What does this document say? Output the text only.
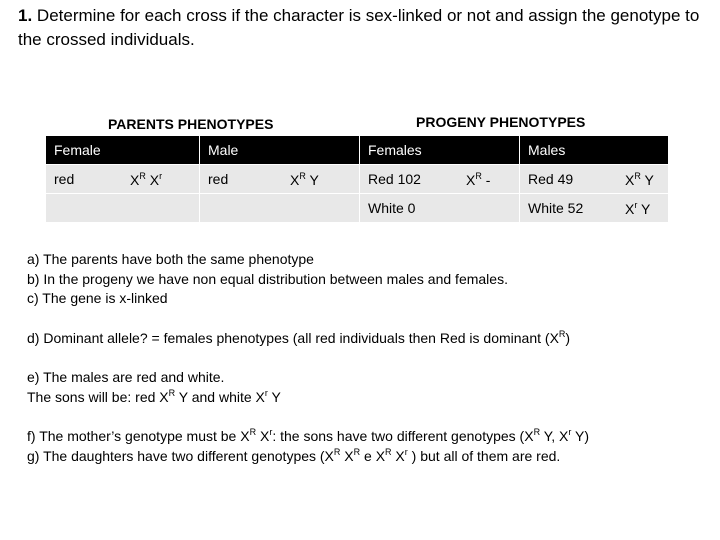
1. Determine for each cross if the character is sex-linked or not and assign the genotype to the crossed individuals.
PARENTS PHENOTYPES	PROGENY PHENOTYPES
Female		Male		Females		Males	
red	$X^R$ $X^r$	red	$X^R$ Y	Red 102	$X^R$ -	Red 49	$X^R$ Y
				White 0		White 52	$X^r$ Y

a) The parents have both the same phenotype

b) In the progeny we have non equal distribution between males and females.

c) The gene is x-linked

d) Dominant allele? = females phenotypes (all red individuals then Red is dominant $(X^R)$

e) The males are red and white.

The sons will be: red $X^R$ Y and white $X^r$ Y

f) The mother’s genotype must be $X^R$ $X^r$: the sons have two different genotypes ($X^R$ Y, $X^r$ Y)

g) The daughters have two different genotypes ($X^R$ $X^R$ e $X^R$ $X^r$ ) but all of them are red.
